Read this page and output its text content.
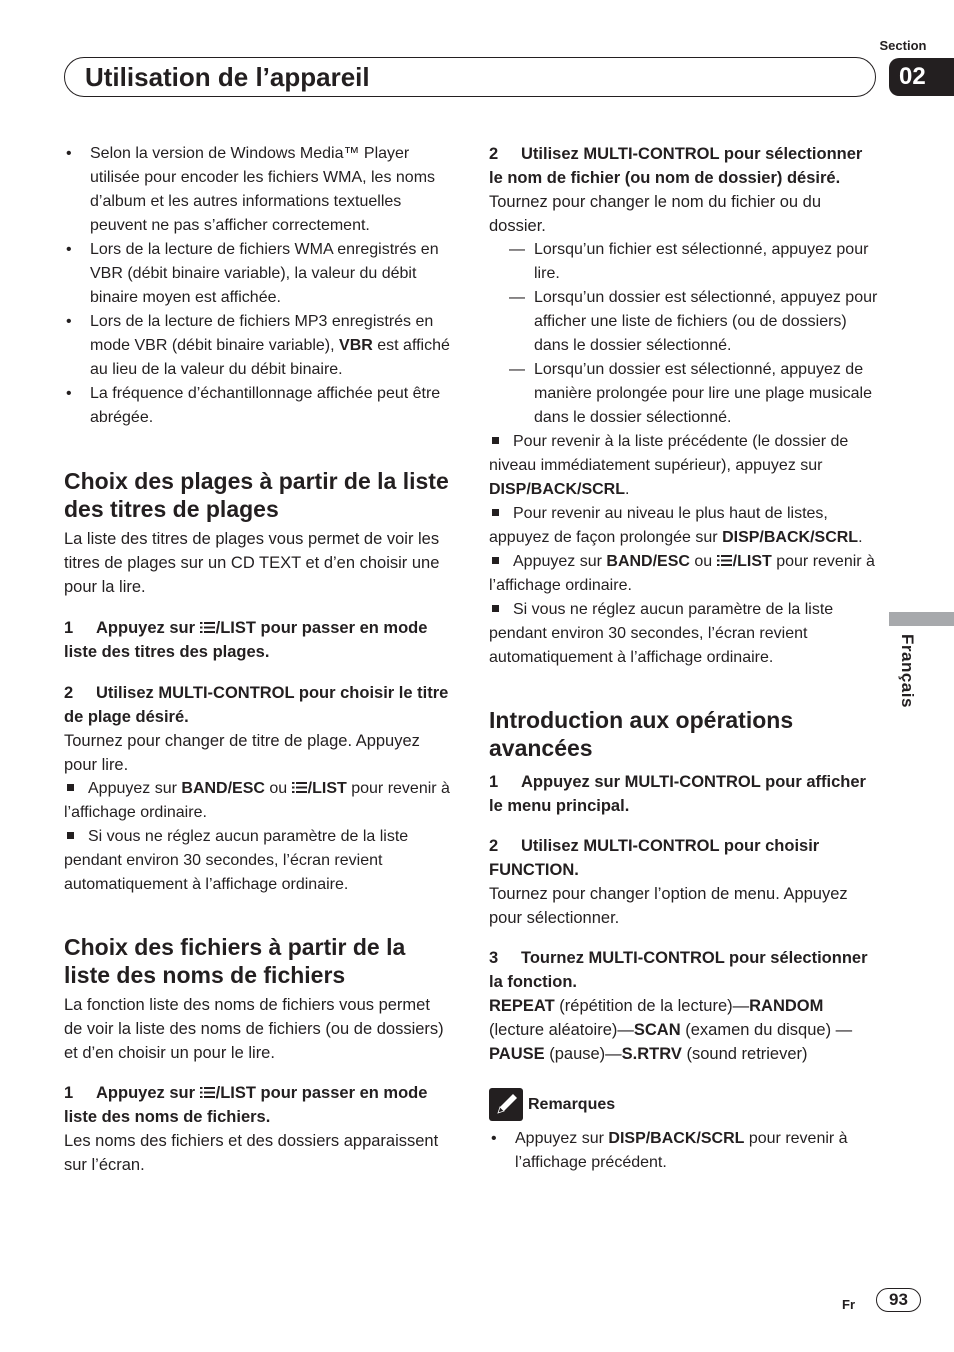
Section
02
Utilisation de l’appareil
Français
• Selon la version de Windows Media™ Player utilisée pour encoder les fichiers WMA, les noms d’album et les autres informations textuelles peuvent ne pas s’afficher correctement.
• Lors de la lecture de fichiers WMA enregistrés en VBR (débit binaire variable), la valeur du débit binaire moyen est affichée.
• Lors de la lecture de fichiers MP3 enregistrés en mode VBR (débit binaire variable), VBR est affiché au lieu de la valeur du débit binaire.
• La fréquence d’échantillonnage affichée peut être abrégée.
Choix des plages à partir de la liste des titres de plages

La liste des titres de plages vous permet de voir les titres de plages sur un CD TEXT et d’en choisir une pour la lire.

1 Appuyez sur /LIST pour passer en mode liste des titres des plages.

2 Utilisez MULTI-CONTROL pour choisir le titre de plage désiré.

Tournez pour changer de titre de plage. Appuyez pour lire.

Appuyez sur BAND/ESC ou /LIST pour revenir à l’affichage ordinaire.

Si vous ne réglez aucun paramètre de la liste pendant environ 30 secondes, l’écran revient automatiquement à l’affichage ordinaire.

Choix des fichiers à partir de la liste des noms de fichiers

La fonction liste des noms de fichiers vous permet de voir la liste des noms de fichiers (ou de dossiers) et d’en choisir un pour le lire.

1 Appuyez sur /LIST pour passer en mode liste des noms de fichiers.

Les noms des fichiers et des dossiers apparaissent sur l’écran.

2 Utilisez MULTI-CONTROL pour sélectionner le nom de fichier (ou nom de dossier) désiré.

Tournez pour changer le nom du fichier ou du dossier.

— Lorsqu’un fichier est sélectionné, appuyez pour lire.
— Lorsqu’un dossier est sélectionné, appuyez pour afficher une liste de fichiers (ou de dossiers) dans le dossier sélectionné.
— Lorsqu’un dossier est sélectionné, appuyez de manière prolongée pour lire une plage musicale dans le dossier sélectionné.

Pour revenir à la liste précédente (le dossier de niveau immédiatement supérieur), appuyez sur DISP/BACK/SCRL.

Pour revenir au niveau le plus haut de listes, appuyez de façon prolongée sur DISP/BACK/SCRL.

Appuyez sur BAND/ESC ou /LIST pour revenir à l’affichage ordinaire.

Si vous ne réglez aucun paramètre de la liste pendant environ 30 secondes, l’écran revient automatiquement à l’affichage ordinaire.

Introduction aux opérations avancées

1 Appuyez sur MULTI-CONTROL pour afficher le menu principal.

2 Utilisez MULTI-CONTROL pour choisir FUNCTION.

Tournez pour changer l’option de menu. Appuyez pour sélectionner.

3 Tournez MULTI-CONTROL pour sélectionner la fonction.

REPEAT (répétition de la lecture)—RANDOM (lecture aléatoire)—SCAN (examen du disque) —PAUSE (pause)—S.RTRV (sound retriever)

Remarques
• Appuyez sur DISP/BACK/SCRL pour revenir à l’affichage précédent.
Fr	93
